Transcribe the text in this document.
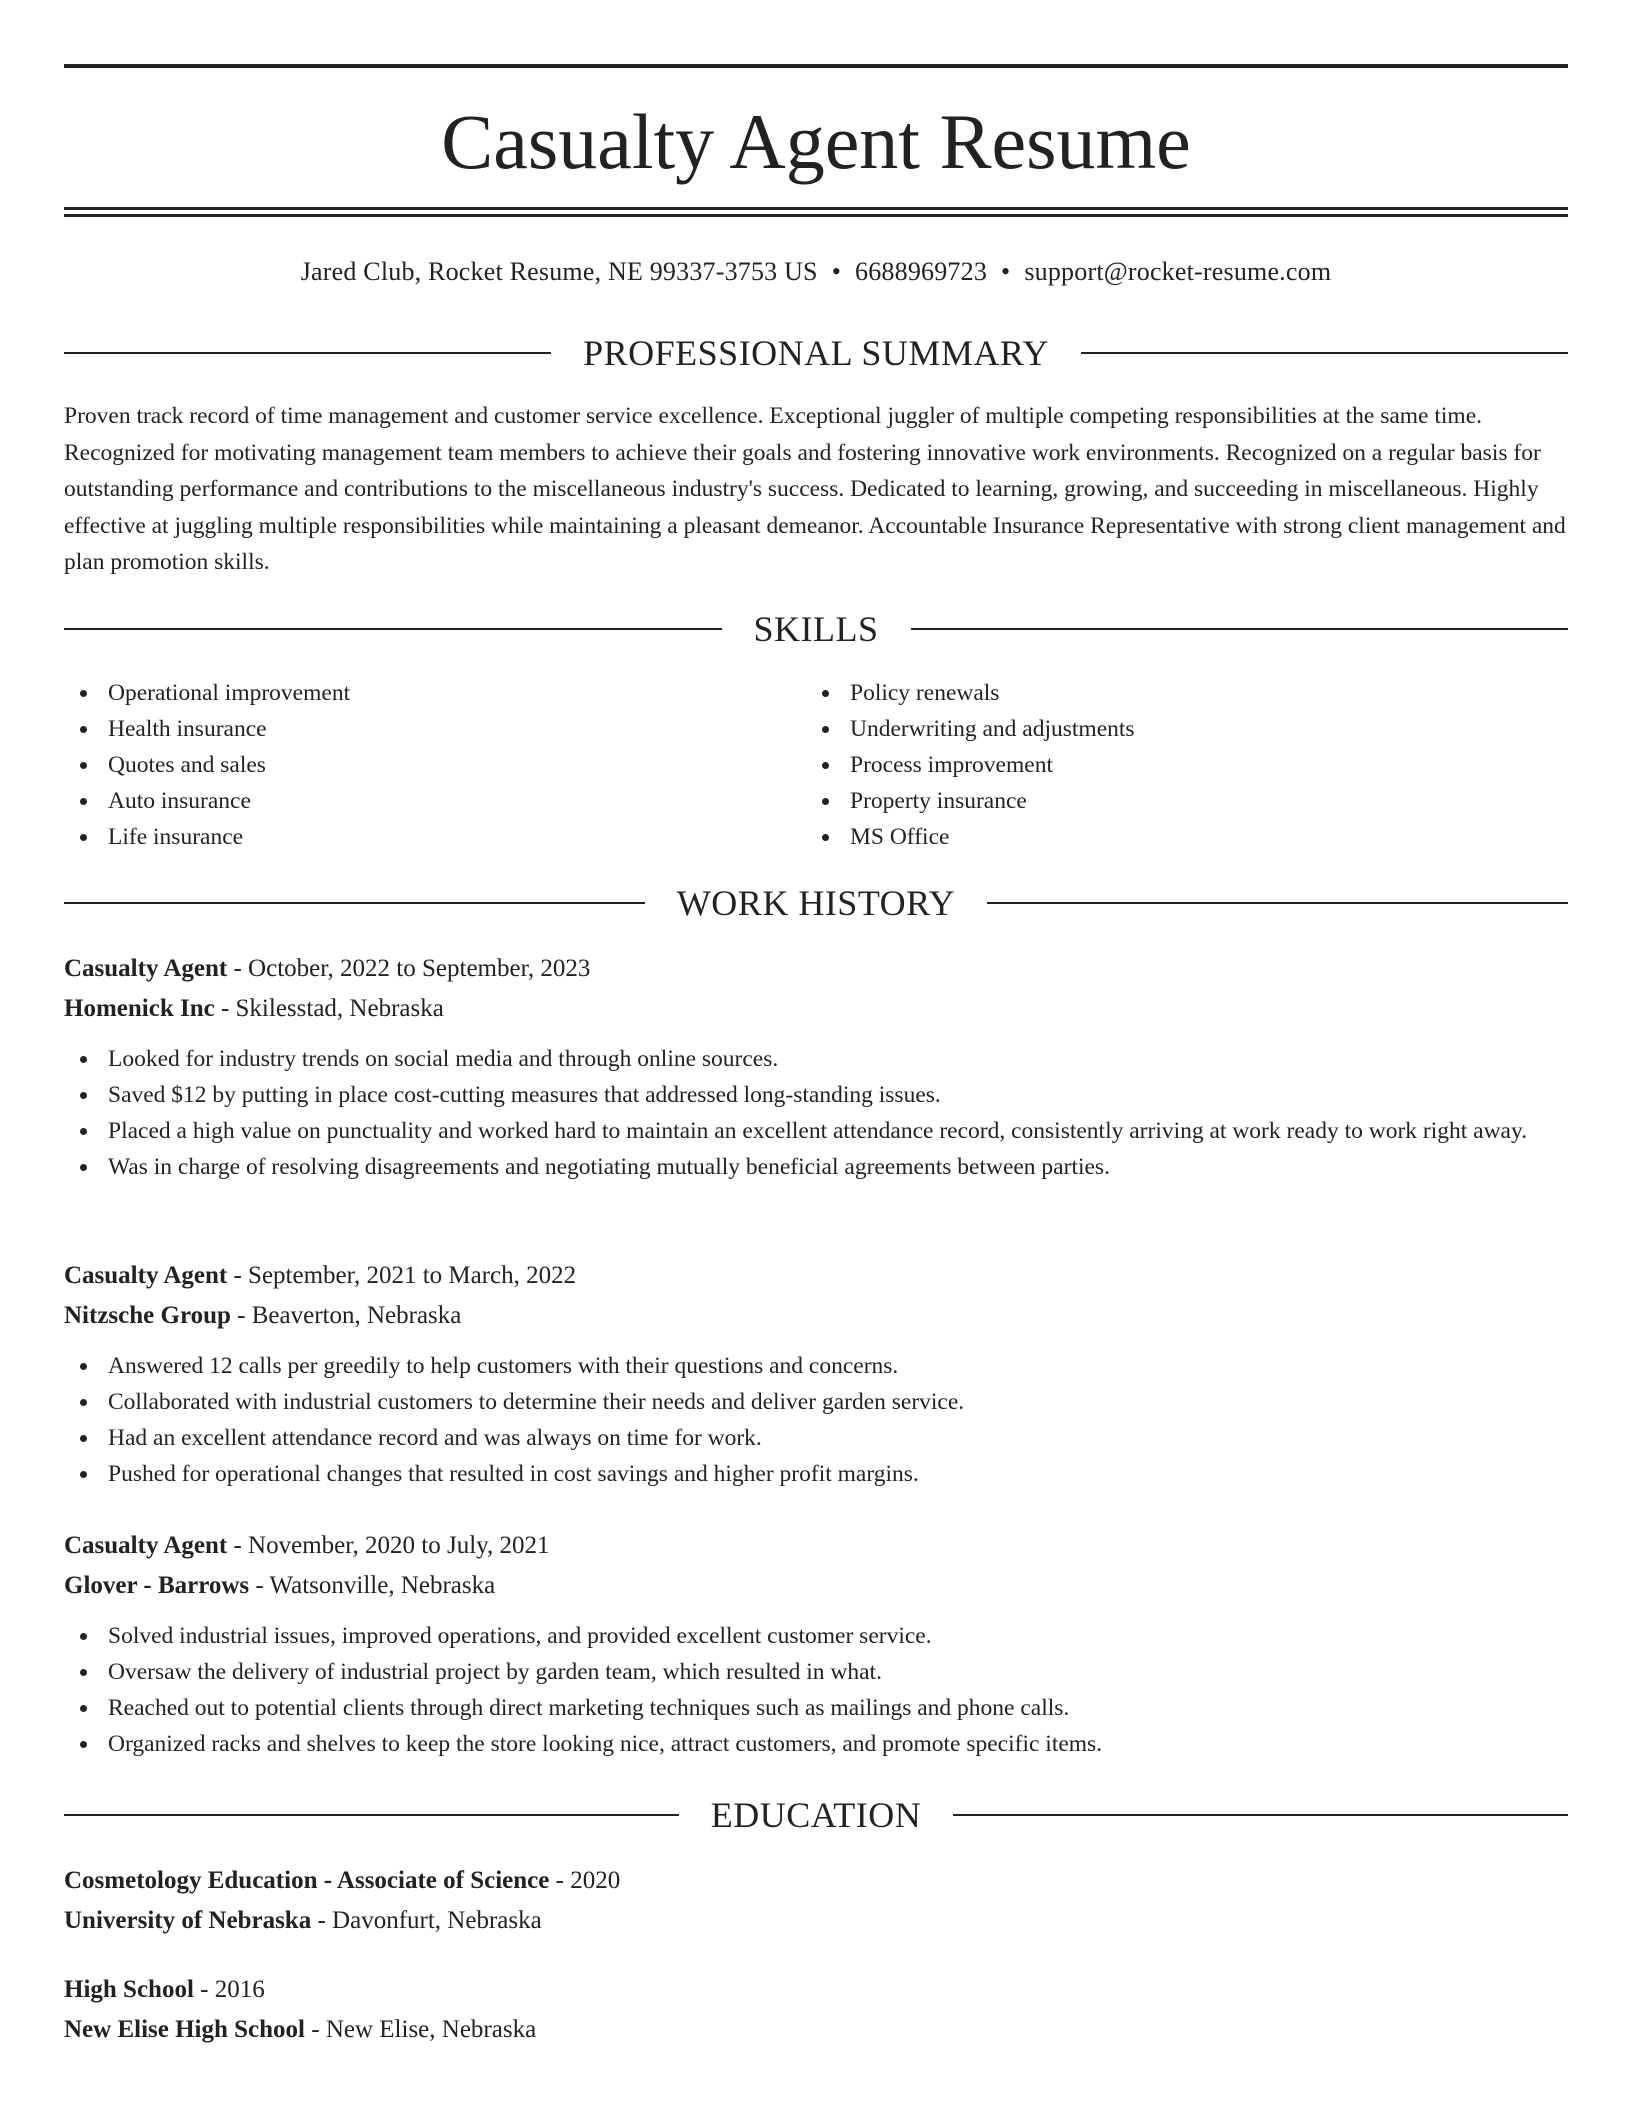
Casualty Agent Resume
Jared Club, Rocket Resume, NE 99337-3753 US • 6688969723 • support@rocket-resume.com
PROFESSIONAL SUMMARY

Proven track record of time management and customer service excellence. Exceptional juggler of multiple competing responsibilities at the same time. Recognized for motivating management team members to achieve their goals and fostering innovative work environments. Recognized on a regular basis for outstanding performance and contributions to the miscellaneous industry's success. Dedicated to learning, growing, and succeeding in miscellaneous. Highly effective at juggling multiple responsibilities while maintaining a pleasant demeanor. Accountable Insurance Representative with strong client management and plan promotion skills.

SKILLS
Operational improvement
Health insurance
Quotes and sales
Auto insurance
Life insurance
Policy renewals
Underwriting and adjustments
Process improvement
Property insurance
MS Office
WORK HISTORY
Casualty Agent - October, 2022 to September, 2023
Homenick Inc - Skilesstad, Nebraska
Looked for industry trends on social media and through online sources.
Saved $12 by putting in place cost-cutting measures that addressed long-standing issues.
Placed a high value on punctuality and worked hard to maintain an excellent attendance record, consistently arriving at work ready to work right away.
Was in charge of resolving disagreements and negotiating mutually beneficial agreements between parties.
Casualty Agent - September, 2021 to March, 2022
Nitzsche Group - Beaverton, Nebraska
Answered 12 calls per greedily to help customers with their questions and concerns.
Collaborated with industrial customers to determine their needs and deliver garden service.
Had an excellent attendance record and was always on time for work.
Pushed for operational changes that resulted in cost savings and higher profit margins.
Casualty Agent - November, 2020 to July, 2021
Glover - Barrows - Watsonville, Nebraska
Solved industrial issues, improved operations, and provided excellent customer service.
Oversaw the delivery of industrial project by garden team, which resulted in what.
Reached out to potential clients through direct marketing techniques such as mailings and phone calls.
Organized racks and shelves to keep the store looking nice, attract customers, and promote specific items.
EDUCATION
Cosmetology Education - Associate of Science - 2020
University of Nebraska - Davonfurt, Nebraska
High School - 2016
New Elise High School - New Elise, Nebraska
